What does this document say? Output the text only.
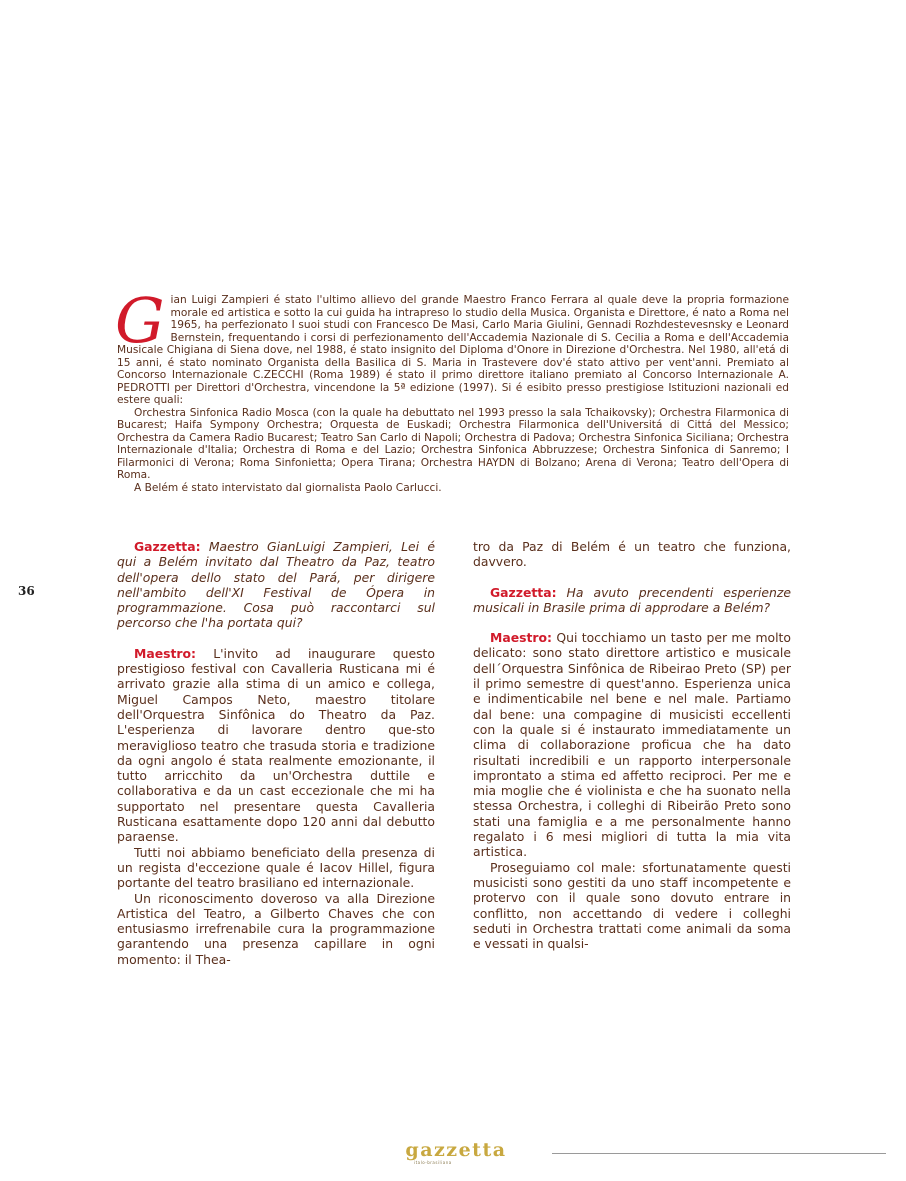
Gian Luigi Zampieri é stato l'ultimo allievo del grande Maestro Franco Ferrara al quale deve la propria formazione morale ed artistica e sotto la cui guida ha intrapreso lo studio della Musica. Organista e Direttore, é nato a Roma nel 1965, ha perfezionato I suoi studi con Francesco De Masi, Carlo Maria Giulini, Gennadi Rozhdestevesnsky e Leonard Bernstein, frequentando i corsi di perfezionamento dell'Accademia Nazionale di S. Cecilia a Roma e dell'Accademia Musicale Chigiana di Siena dove, nel 1988, é stato insignito del Diploma d'Onore in Direzione d'Orchestra. Nel 1980, all'etá di 15 anni, é stato nominato Organista della Basilica di S. Maria in Trastevere dov'é stato attivo per vent'anni. Premiato al Concorso Internazionale C.ZECCHI (Roma 1989) é stato il primo direttore italiano premiato al Concorso Internazionale A. PEDROTTI per Direttori d'Orchestra, vincendone la 5ª edizione (1997). Si é esibito presso prestigiose Istituzioni nazionali ed estere quali:

Orchestra Sinfonica Radio Mosca (con la quale ha debuttato nel 1993 presso la sala Tchaikovsky); Orchestra Filarmonica di Bucarest; Haifa Sympony Orchestra; Orquesta de Euskadi; Orchestra Filarmonica dell'Universitá di Cittá del Messico; Orchestra da Camera Radio Bucarest; Teatro San Carlo di Napoli; Orchestra di Padova; Orchestra Sinfonica Siciliana; Orchestra Internazionale d'Italia; Orchestra di Roma e del Lazio; Orchestra Sinfonica Abbruzzese; Orchestra Sinfonica di Sanremo; I Filarmonici di Verona; Roma Sinfonietta; Opera Tirana; Orchestra HAYDN di Bolzano; Arena di Verona; Teatro dell'Opera di Roma.

A Belém é stato intervistato dal giornalista Paolo Carlucci.

36

Gazzetta: Maestro GianLuigi Zampieri, Lei é qui a Belém invitato dal Theatro da Paz, teatro dell'opera dello stato del Pará, per dirigere nell'ambito dell'XI Festival de Ópera in programmazione. Cosa può raccontarci sul percorso che l'ha portata qui?

Maestro: L'invito ad inaugurare questo prestigioso festival con Cavalleria Rusticana mi é arrivato grazie alla stima di un amico e collega, Miguel Campos Neto, maestro titolare dell'Orquestra Sinfônica do Theatro da Paz. L'esperienza di lavorare dentro que-sto meraviglioso teatro che trasuda storia e tradizione da ogni angolo é stata realmente emozionante, il tutto arricchito da un'Orchestra duttile e collaborativa e da un cast eccezionale che mi ha supportato nel presentare questa Cavalleria Rusticana esattamente dopo 120 anni dal debutto paraense.

Tutti noi abbiamo beneficiato della presenza di un regista d'eccezione quale é Iacov Hillel, figura portante del teatro brasiliano ed internazionale.

Un riconoscimento doveroso va alla Direzione Artistica del Teatro, a Gilberto Chaves che con entusiasmo irrefrenabile cura la programmazione garantendo una presenza capillare in ogni momento: il Thea-

tro da Paz di Belém é un teatro che funziona, davvero.

Gazzetta: Ha avuto precendenti esperienze musicali in Brasile prima di approdare a Belém?

Maestro: Qui tocchiamo un tasto per me molto delicato: sono stato direttore artistico e musicale dell´Orquestra Sinfônica de Ribeirao Preto (SP) per il primo semestre di quest'anno. Esperienza unica e indimenticabile nel bene e nel male. Partiamo dal bene: una compagine di musicisti eccellenti con la quale si é instaurato immediatamente un clima di collaborazione proficua che ha dato risultati incredibili e un rapporto interpersonale improntato a stima ed affetto reciproci. Per me e mia moglie che é violinista e che ha suonato nella stessa Orchestra, i colleghi di Ribeirão Preto sono stati una famiglia e a me personalmente hanno regalato i 6 mesi migliori di tutta la mia vita artistica.

Proseguiamo col male: sfortunatamente questi musicisti sono gestiti da uno staff incompetente e protervo con il quale sono dovuto entrare in conflitto, non accettando di vedere i colleghi seduti in Orchestra trattati come animali da soma e vessati in qualsi-

gazzetta
italo-brasiliana
